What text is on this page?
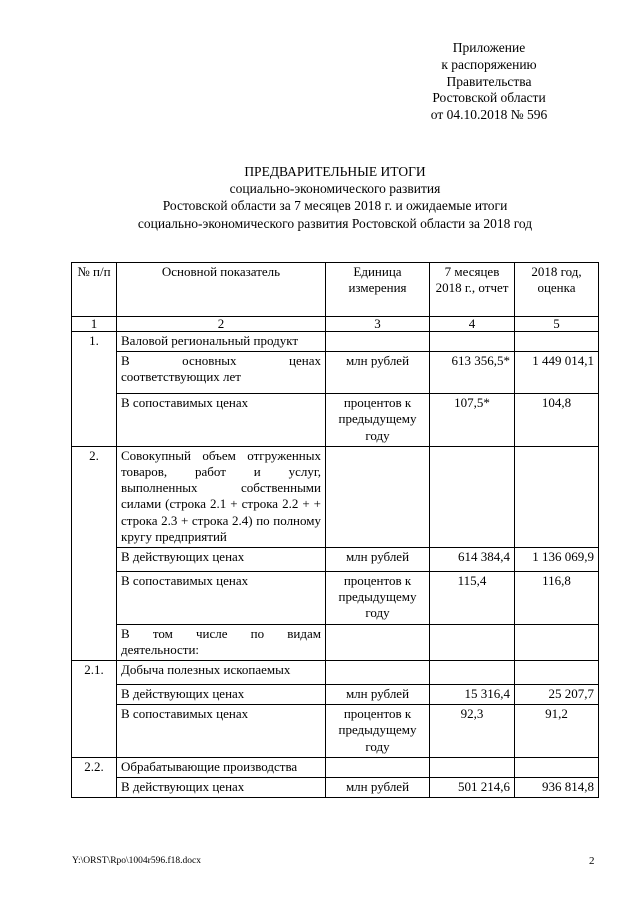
Приложение
к распоряжению
Правительства
Ростовской области
от 04.10.2018 № 596
ПРЕДВАРИТЕЛЬНЫЕ ИТОГИ
социально-экономического развития
Ростовской области за 7 месяцев 2018 г. и ожидаемые итоги
социально-экономического развития Ростовской области за 2018 год
№ п/п	Основной показатель	Единица измерения	7 месяцев 2018 г., отчет	2018 год, оценка
1	2	3	4	5
1.	Валовой региональный продукт			
	В основных ценах соответствующих лет	млн рублей	613 356,5*	1 449 014,1
	В сопоставимых ценах	процентов к предыдущему году	107,5*	104,8
2.	Совокупный объем отгруженных товаров, работ и услуг, выполненных собственными силами (строка 2.1 + строка 2.2 + + строка 2.3 + строка 2.4) по полному кругу предприятий			
	В действующих ценах	млн рублей	614 384,4	1 136 069,9
	В сопоставимых ценах	процентов к предыдущему году	115,4	116,8
	В том числе по видам деятельности:			
2.1.	Добыча полезных ископаемых			
	В действующих ценах	млн рублей	15 316,4	25 207,7
	В сопоставимых ценах	процентов к предыдущему году	92,3	91,2
2.2.	Обрабатывающие производства			
	В действующих ценах	млн рублей	501 214,6	936 814,8
Y:\ORST\Rpo\1004r596.f18.docx	2
